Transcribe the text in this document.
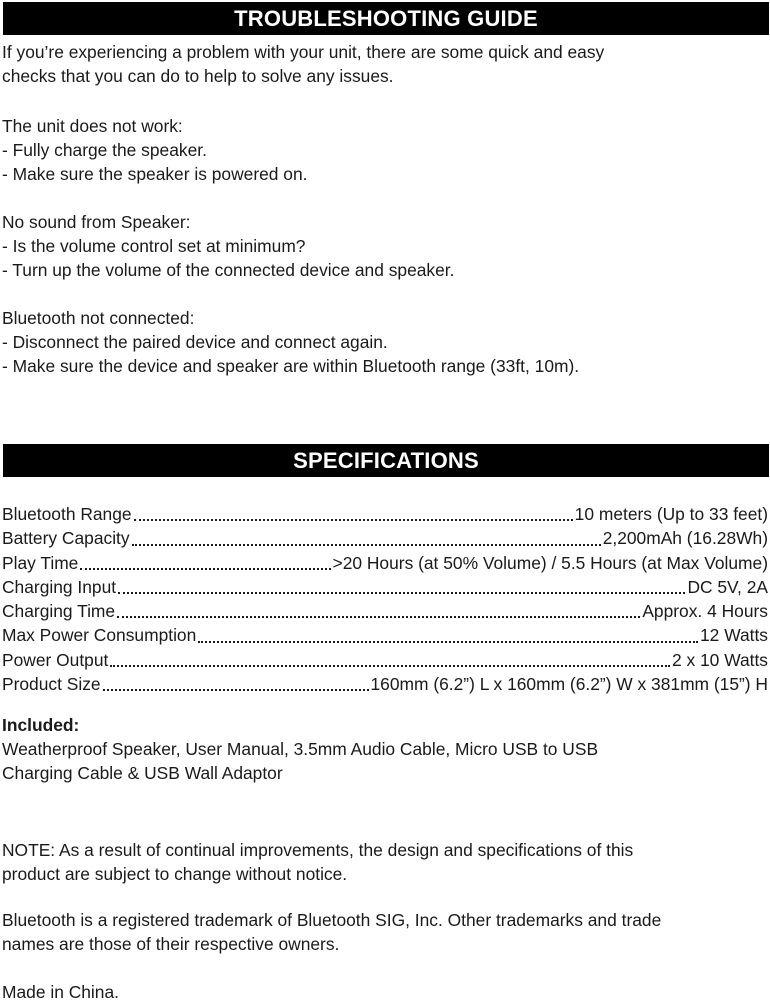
TROUBLESHOOTING GUIDE
If you’re experiencing a problem with your unit, there are some quick and easy
checks that you can do to help to solve any issues.
The unit does not work:
- Fully charge the speaker.
- Make sure the speaker is powered on.
No sound from Speaker:
- Is the volume control set at minimum?
- Turn up the volume of the connected device and speaker.
Bluetooth not connected:
- Disconnect the paired device and connect again.
- Make sure the device and speaker are within Bluetooth range (33ft, 10m).
SPECIFICATIONS
Bluetooth Range	10 meters (Up to 33 feet)
Battery Capacity	2,200mAh (16.28Wh)
Play Time	>20 Hours (at 50% Volume) / 5.5 Hours (at Max Volume)
Charging Input	DC 5V, 2A
Charging Time	Approx. 4 Hours
Max Power Consumption	12 Watts
Power Output	2 x 10 Watts
Product Size	160mm (6.2”) L x 160mm (6.2”) W x 381mm (15”) H
Included:
Weatherproof Speaker, User Manual, 3.5mm Audio Cable, Micro USB to USB
Charging Cable & USB Wall Adaptor
NOTE: As a result of continual improvements, the design and specifications of this
product are subject to change without notice.
Bluetooth is a registered trademark of Bluetooth SIG, Inc. Other trademarks and trade
names are those of their respective owners.
Made in China.
